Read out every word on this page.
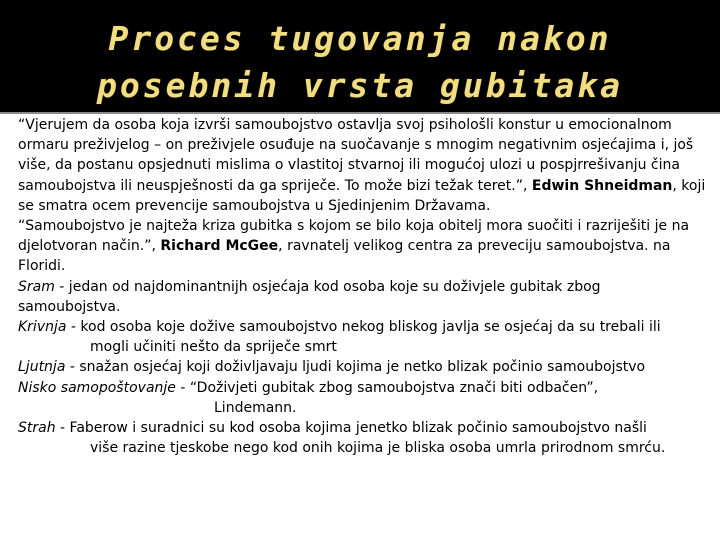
Proces tugovanja nakon
posebnih vrsta gubitaka

“Vjerujem da osoba koja izvrši samoubojstvo ostavlja svoj psihološli konstur u emocionalnom ormaru preživjelog – on preživjele osuđuje na suočavanje s mnogim negativnim osjećajima i, još više, da postanu opsjednuti mislima o vlastitoj stvarnoj ili mogućoj ulozi u pospjrrešivanju čina samoubojstva ili neuspješnosti da ga spriječe. To može bizi težak teret.”, Edwin Shneidman, koji se smatra ocem prevencije samoubojstva u Sjedinjenim Državama.

“Samoubojstvo je najteža kriza gubitka s kojom se bilo koja obitelj mora suočiti i razriješiti je na djelotvoran način.”, Richard McGee, ravnatelj velikog centra za preveciju samoubojstva. na Floridi.

Sram - jedan od najdominantnijh osjećaja kod osoba koje su doživjele gubitak zbog
samoubojstva.

Krivnja - kod osoba koje dožive samoubojstvo nekog bliskog javlja se osjećaj da su trebali ili
mogli učiniti nešto da spriječe smrt

Ljutnja - snažan osjećaj koji doživljavaju ljudi kojima je netko blizak počinio samoubojstvo

Nisko samopoštovanje - “Doživjeti gubitak zbog samoubojstva znači biti odbačen”,
Lindemann.

Strah - Faberow i suradnici su kod osoba kojima jenetko blizak počinio samoubojstvo našli
više razine tjeskobe nego kod onih kojima je bliska osoba umrla prirodnom smrću.
